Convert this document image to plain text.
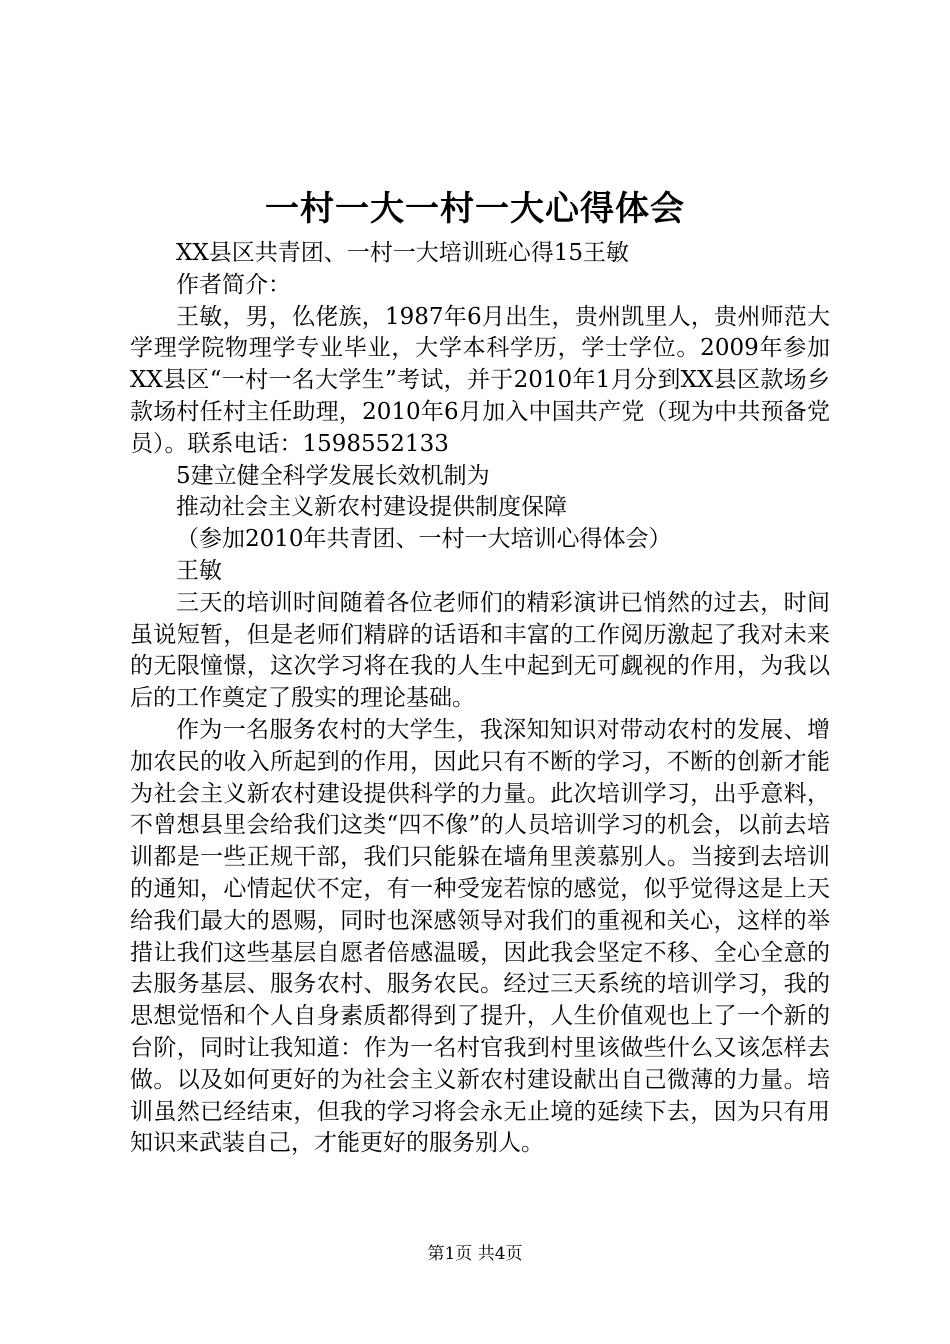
一村一大一村一大心得体会

XX县区共青团、一村一大培训班心得15王敏

作者简介：

王敏，男，仫佬族，1987年6月出生，贵州凯里人，贵州师范大学理学院物理学专业毕业，大学本科学历，学士学位。2009年参加XX县区“一村一名大学生”考试，并于2010年1月分到XX县区款场乡款场村任村主任助理，2010年6月加入中国共产党（现为中共预备党员）。联系电话：1598552133

5建立健全科学发展长效机制为

推动社会主义新农村建设提供制度保障

（参加2010年共青团、一村一大培训心得体会）

王敏

三天的培训时间随着各位老师们的精彩演讲已悄然的过去，时间虽说短暂，但是老师们精辟的话语和丰富的工作阅历激起了我对未来的无限憧憬，这次学习将在我的人生中起到无可觑视的作用，为我以后的工作奠定了殷实的理论基础。

作为一名服务农村的大学生，我深知知识对带动农村的发展、增加农民的收入所起到的作用，因此只有不断的学习，不断的创新才能为社会主义新农村建设提供科学的力量。此次培训学习，出乎意料，不曾想县里会给我们这类“四不像”的人员培训学习的机会，以前去培训都是一些正规干部，我们只能躲在墙角里羡慕别人。当接到去培训的通知，心情起伏不定，有一种受宠若惊的感觉，似乎觉得这是上天给我们最大的恩赐，同时也深感领导对我们的重视和关心，这样的举措让我们这些基层自愿者倍感温暖，因此我会坚定不移、全心全意的去服务基层、服务农村、服务农民。经过三天系统的培训学习，我的思想觉悟和个人自身素质都得到了提升，人生价值观也上了一个新的台阶，同时让我知道：作为一名村官我到村里该做些什么又该怎样去做。以及如何更好的为社会主义新农村建设献出自己微薄的力量。培训虽然已经结束，但我的学习将会永无止境的延续下去，因为只有用知识来武装自己，才能更好的服务别人。

第1页 共4页
